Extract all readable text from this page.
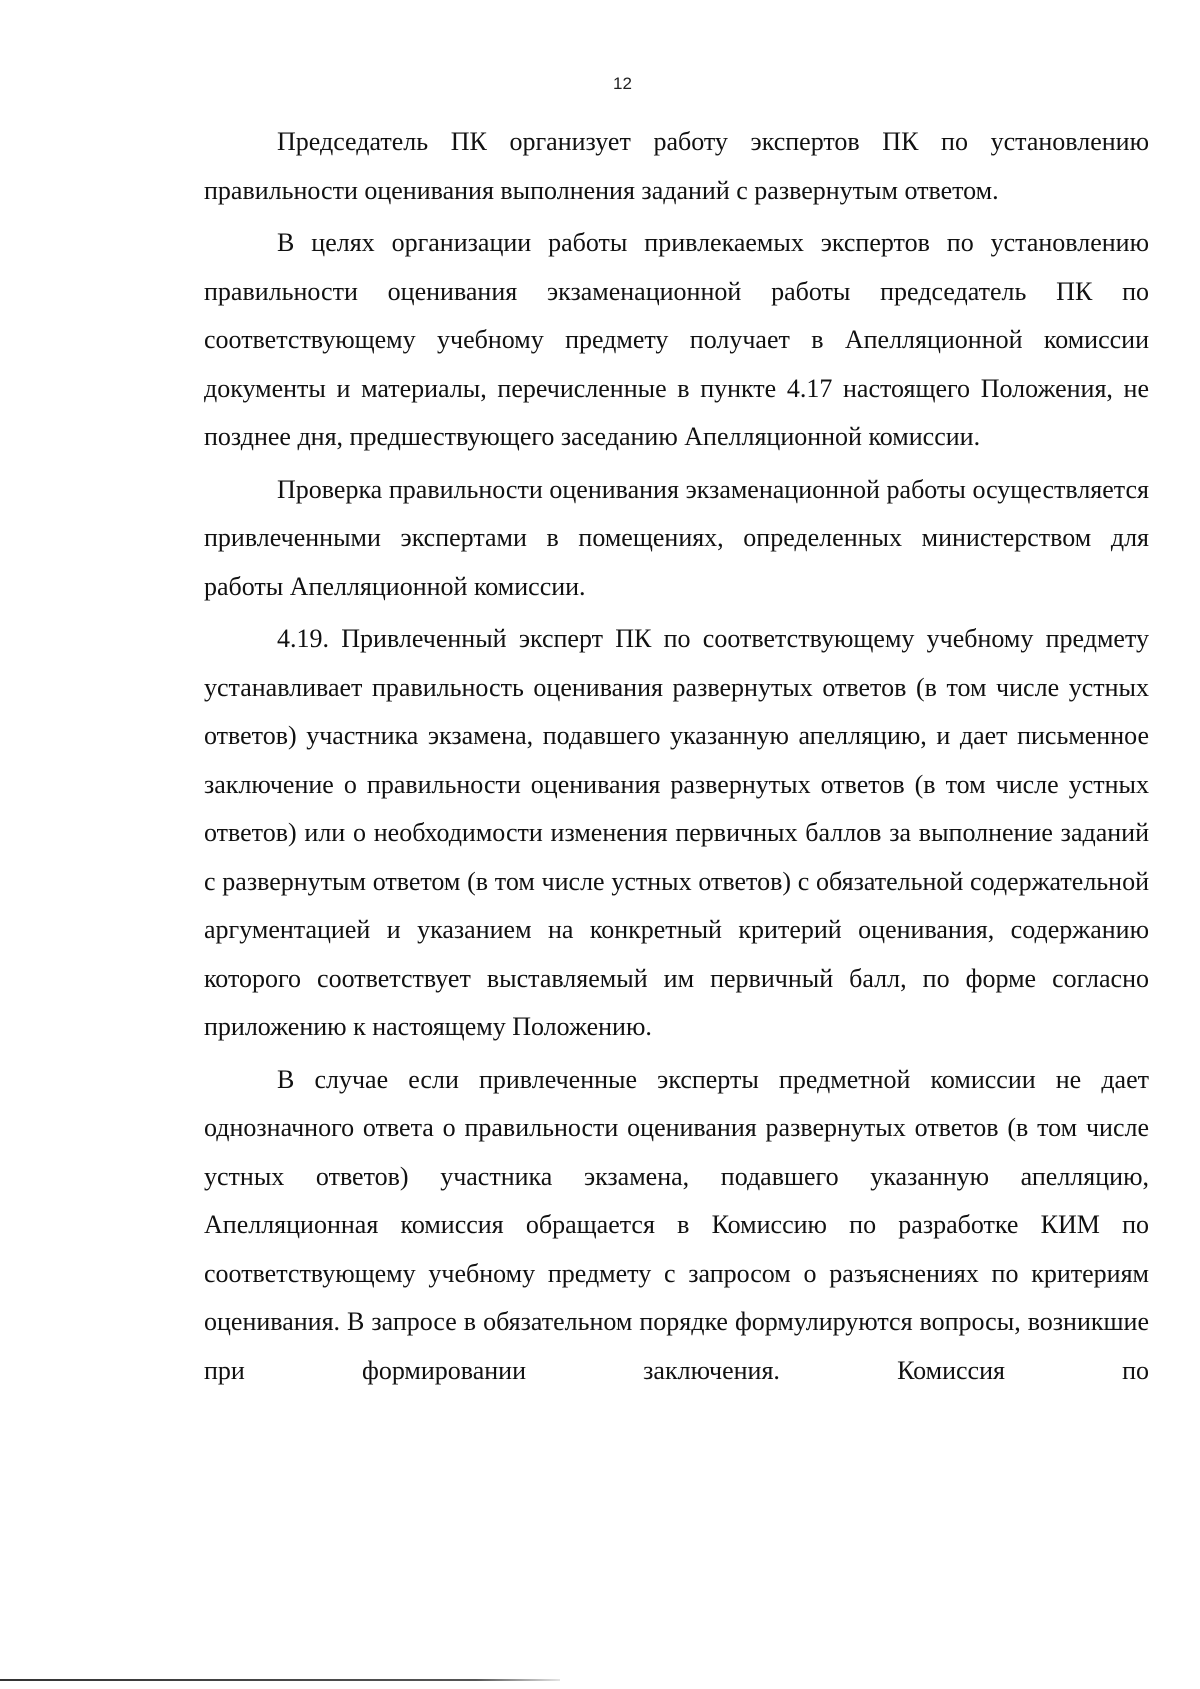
12

Председатель ПК организует работу экспертов ПК по установлению правильности оценивания выполнения заданий с развернутым ответом.

В целях организации работы привлекаемых экспертов по установлению правильности оценивания экзаменационной работы председатель ПК по соответствующему учебному предмету получает в Апелляционной комиссии документы и материалы, перечисленные в пункте 4.17 настоящего Положения, не позднее дня, предшествующего заседанию Апелляционной комиссии.

Проверка правильности оценивания экзаменационной работы осуществляется привлеченными экспертами в помещениях, определенных министерством для работы Апелляционной комиссии.

4.19. Привлеченный эксперт ПК по соответствующему учебному предмету устанавливает правильность оценивания развернутых ответов (в том числе устных ответов) участника экзамена, подавшего указанную апелляцию, и дает письменное заключение о правильности оценивания развернутых ответов (в том числе устных ответов) или о необходимости изменения первичных баллов за выполнение заданий с развернутым ответом (в том числе устных ответов) с обязательной содержательной аргументацией и указанием на конкретный критерий оценивания, содержанию которого соответствует выставляемый им первичный балл, по форме согласно приложению к настоящему Положению.

В случае если привлеченные эксперты предметной комиссии не дает однозначного ответа о правильности оценивания развернутых ответов (в том числе устных ответов) участника экзамена, подавшего указанную апелляцию, Апелляционная комиссия обращается в Комиссию по разработке КИМ по соответствующему учебному предмету с запросом о разъяснениях по критериям оценивания. В запросе в обязательном порядке формулируются вопросы, возникшие при формировании заключения. Комиссия по
